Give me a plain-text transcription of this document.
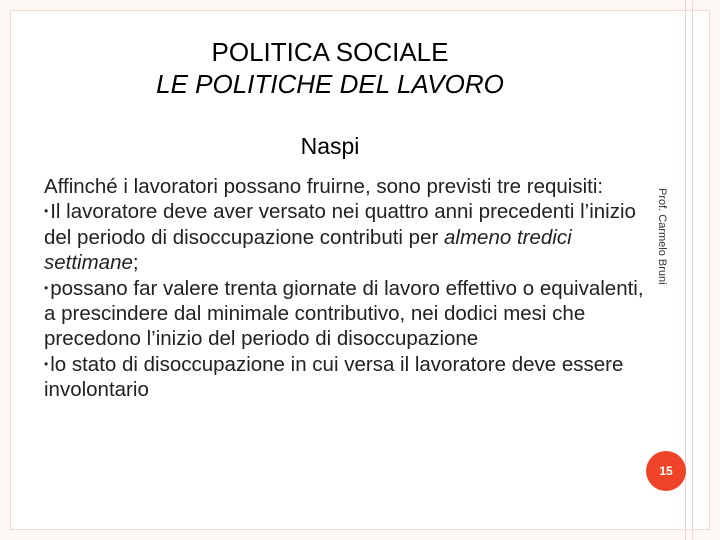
POLITICA SOCIALE
LE POLITICHE DEL LAVORO
Naspi

Affinché i lavoratori possano fruirne, sono previsti tre requisiti:

• Il lavoratore deve aver versato nei quattro anni precedenti l’inizio del periodo di disoccupazione contributi per almeno tredici settimane;

• possano far valere trenta giornate di lavoro effettivo o equivalenti, a prescindere dal minimale contributivo, nei dodici mesi che precedono l’inizio del periodo di disoccupazione

• lo stato di disoccupazione in cui versa il lavoratore deve essere involontario

Prof. Carmelo Bruni
15
